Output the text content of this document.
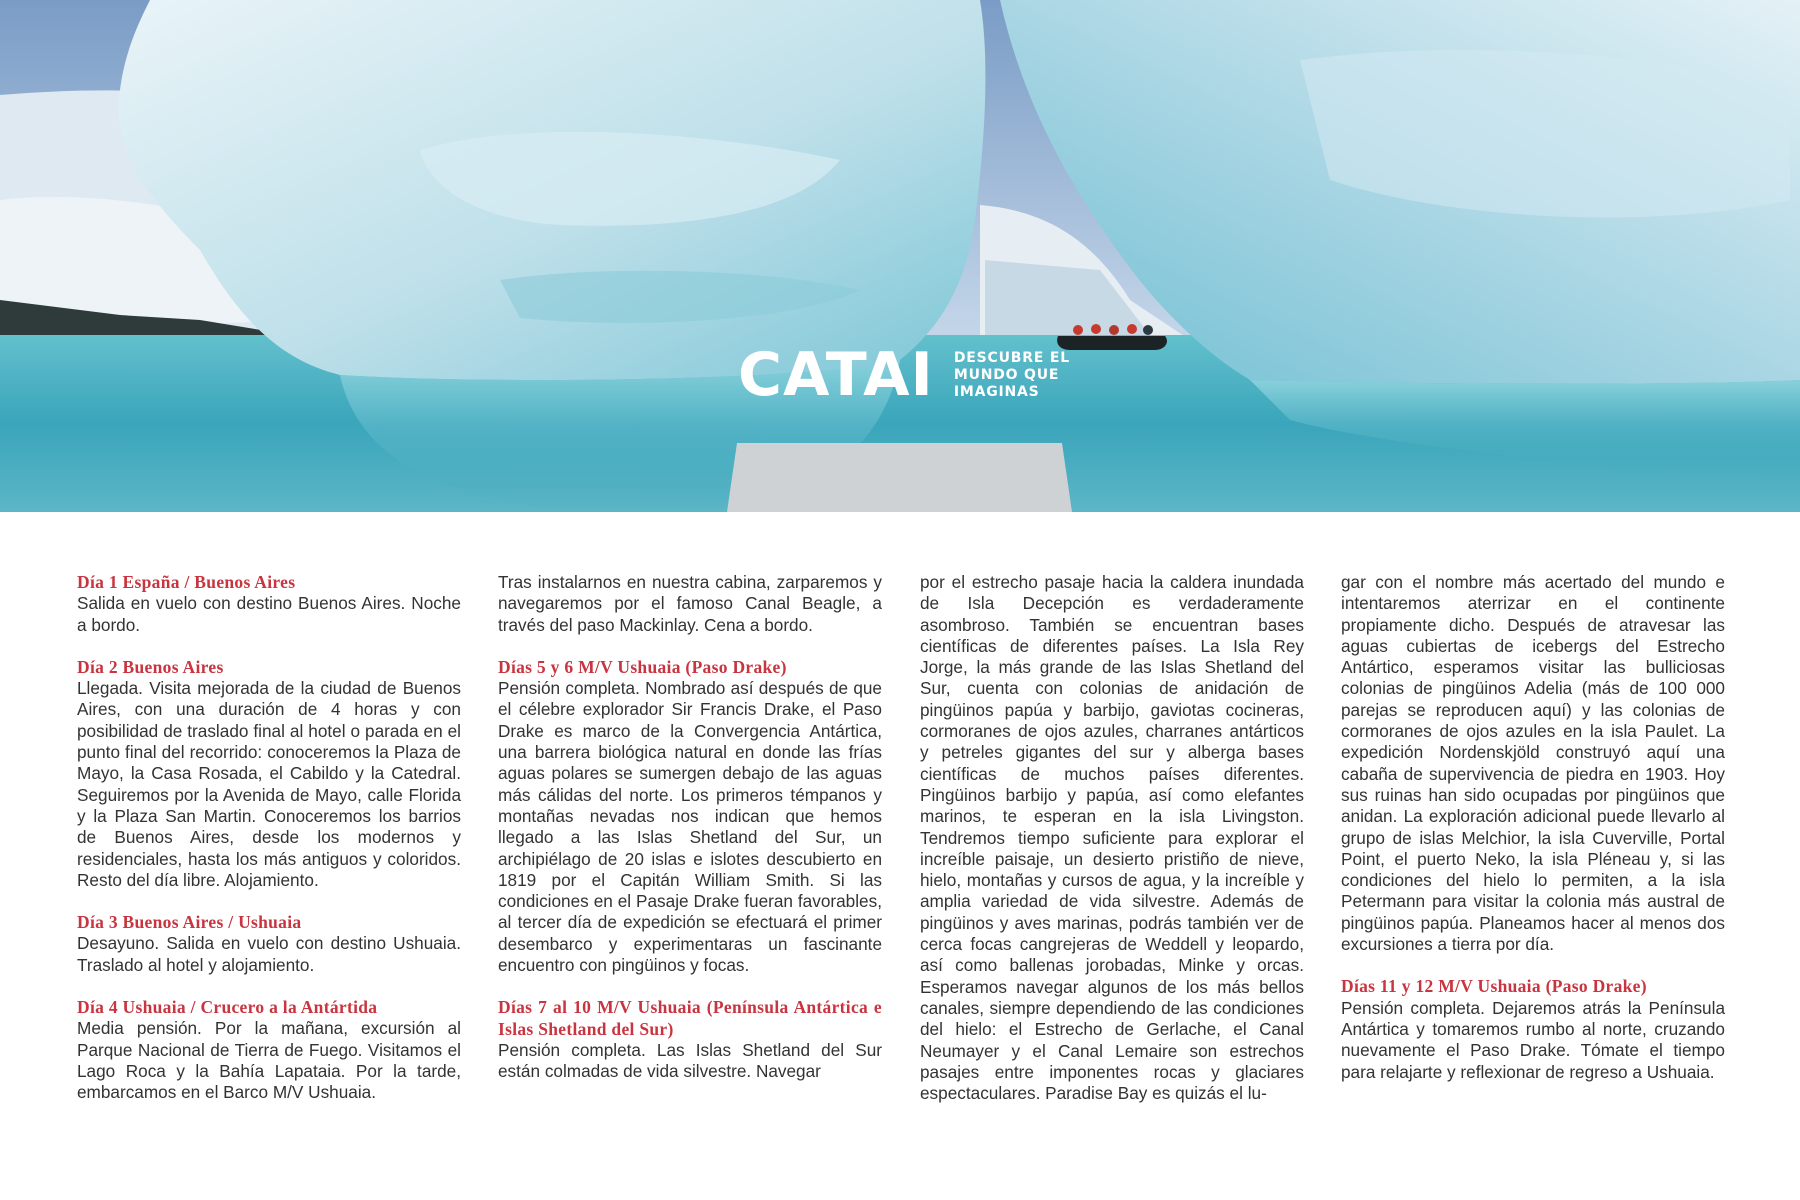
CATAI DESCUBRE EL
MUNDO QUE
IMAGINAS
Día 1 España / Buenos Aires
Salida en vuelo con destino Buenos Aires. Noche a bordo.
Día 2 Buenos Aires
Llegada. Visita mejorada de la ciudad de Buenos Aires, con una duración de 4 horas y con posibilidad de traslado final al hotel o parada en el punto final del recorrido: conoceremos la Plaza de Mayo, la Casa Rosada, el Cabildo y la Catedral. Seguiremos por la Avenida de Mayo, calle Florida y la Plaza San Martin. Conoceremos los barrios de Buenos Aires, desde los modernos y residenciales, hasta los más antiguos y coloridos. Resto del día libre. Alojamiento.
Día 3 Buenos Aires / Ushuaia
Desayuno. Salida en vuelo con destino Ushuaia. Traslado al hotel y alojamiento.
Día 4 Ushuaia / Crucero a la Antártida
Media pensión. Por la mañana, excursión al Parque Nacional de Tierra de Fuego. Visitamos el Lago Roca y la Bahía Lapataia. Por la tarde, embarcamos en el Barco M/V Ushuaia.
Tras instalarnos en nuestra cabina, zarparemos y navegaremos por el famoso Canal Beagle, a través del paso Mackinlay. Cena a bordo.
Días 5 y 6 M/V Ushuaia (Paso Drake)
Pensión completa. Nombrado así después de que el célebre explorador Sir Francis Drake, el Paso Drake es marco de la Convergencia Antártica, una barrera biológica natural en donde las frías aguas polares se sumergen debajo de las aguas más cálidas del norte. Los primeros témpanos y montañas nevadas nos indican que hemos llegado a las Islas Shetland del Sur, un archipiélago de 20 islas e islotes descubierto en 1819 por el Capitán William Smith. Si las condiciones en el Pasaje Drake fueran favorables, al tercer día de expedición se efectuará el primer desembarco y experimentaras un fascinante encuentro con pingüinos y focas.
Días 7 al 10 M/V Ushuaia (Península Antártica e Islas Shetland del Sur)
Pensión completa. Las Islas Shetland del Sur están colmadas de vida silvestre. Navegar
por el estrecho pasaje hacia la caldera inundada de Isla Decepción es verdaderamente asombroso. También se encuentran bases científicas de diferentes países. La Isla Rey Jorge, la más grande de las Islas Shetland del Sur, cuenta con colonias de anidación de pingüinos papúa y barbijo, gaviotas cocineras, cormoranes de ojos azules, charranes antárticos y petreles gigantes del sur y alberga bases científicas de muchos países diferentes. Pingüinos barbijo y papúa, así como elefantes marinos, te esperan en la isla Livingston. Tendremos tiempo suficiente para explorar el increíble paisaje, un desierto pristiño de nieve, hielo, montañas y cursos de agua, y la increíble y amplia variedad de vida silvestre. Además de pingüinos y aves marinas, podrás también ver de cerca focas cangrejeras de Weddell y leopardo, así como ballenas jorobadas, Minke y orcas. Esperamos navegar algunos de los más bellos canales, siempre dependiendo de las condiciones del hielo: el Estrecho de Gerlache, el Canal Neumayer y el Canal Lemaire son estrechos pasajes entre imponentes rocas y glaciares espectaculares. Paradise Bay es quizás el lu-
gar con el nombre más acertado del mundo e intentaremos aterrizar en el continente propiamente dicho. Después de atravesar las aguas cubiertas de icebergs del Estrecho Antártico, esperamos visitar las bulliciosas colonias de pingüinos Adelia (más de 100 000 parejas se reproducen aquí) y las colonias de cormoranes de ojos azules en la isla Paulet. La expedición Nordenskjöld construyó aquí una cabaña de supervivencia de piedra en 1903. Hoy sus ruinas han sido ocupadas por pingüinos que anidan. La exploración adicional puede llevarlo al grupo de islas Melchior, la isla Cuverville, Portal Point, el puerto Neko, la isla Pléneau y, si las condiciones del hielo lo permiten, a la isla Petermann para visitar la colonia más austral de pingüinos papúa. Planeamos hacer al menos dos excursiones a tierra por día.
Días 11 y 12 M/V Ushuaia (Paso Drake)
Pensión completa. Dejaremos atrás la Península Antártica y tomaremos rumbo al norte, cruzando nuevamente el Paso Drake. Tómate el tiempo para relajarte y reflexionar de regreso a Ushuaia.
